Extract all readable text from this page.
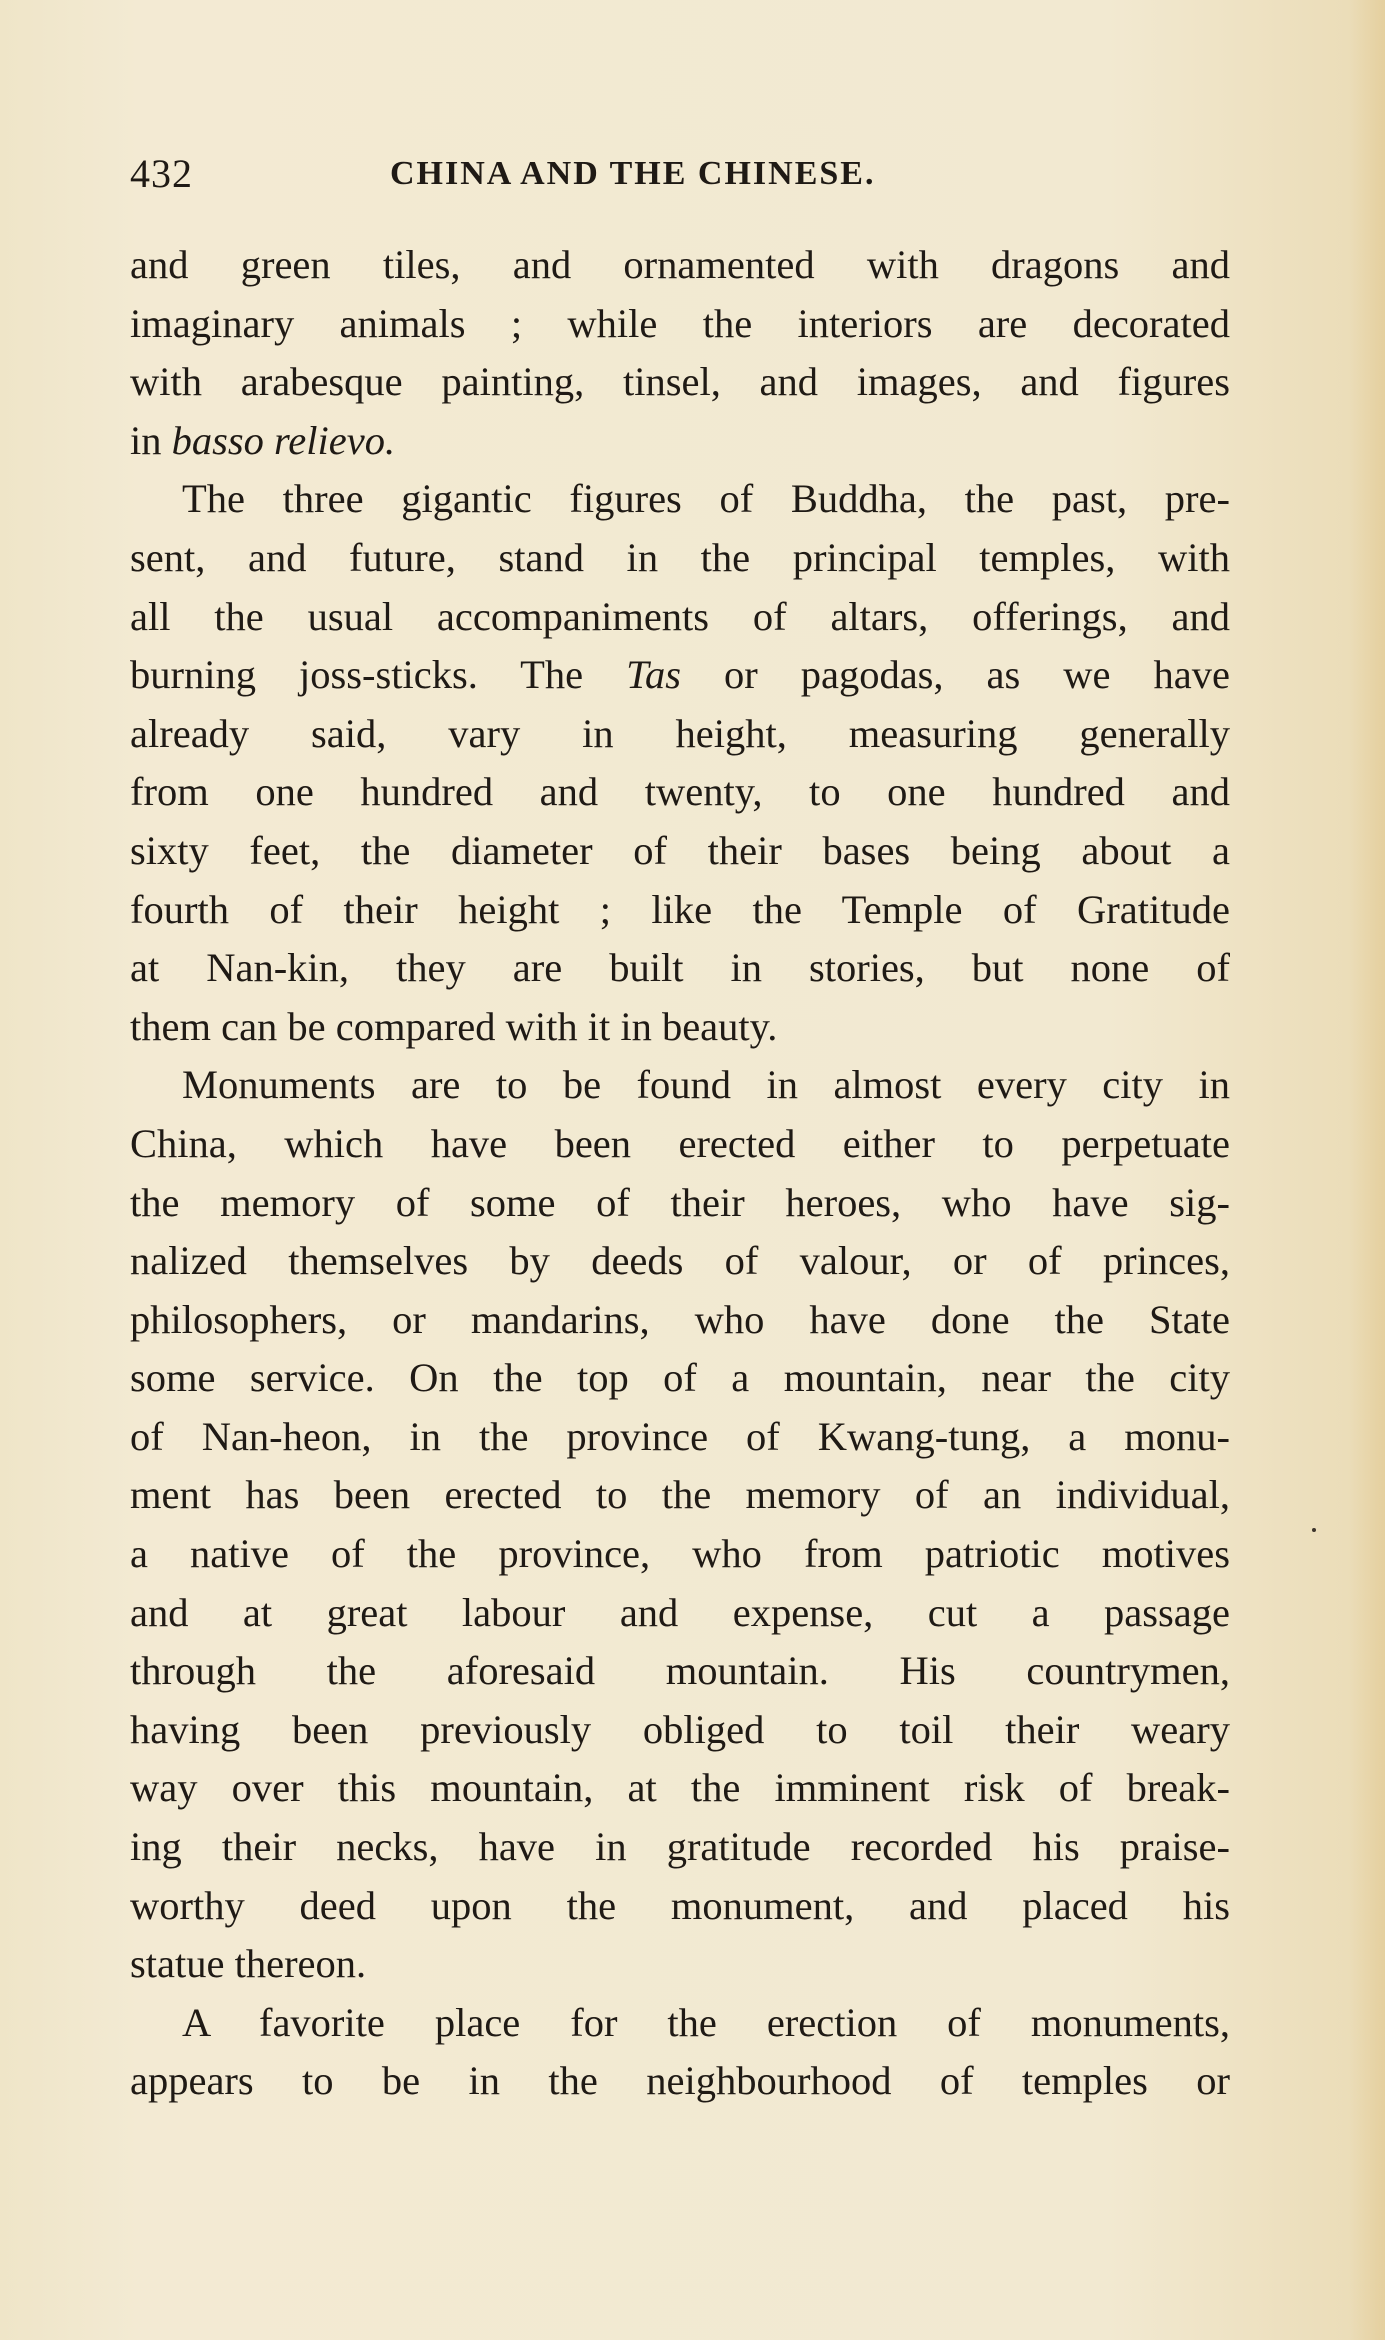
432	CHINA AND THE CHINESE.
and green tiles, and ornamented with dragons and
imaginary animals ; while the interiors are decorated
with arabesque painting, tinsel, and images, and figures
in basso relievo.
The three gigantic figures of Buddha, the past, pre-
sent, and future, stand in the principal temples, with
all the usual accompaniments of altars, offerings, and
burning joss-sticks. The Tas or pagodas, as we have
already said, vary in height, measuring generally
from one hundred and twenty, to one hundred and
sixty feet, the diameter of their bases being about a
fourth of their height ; like the Temple of Gratitude
at Nan-kin, they are built in stories, but none of
them can be compared with it in beauty.
Monuments are to be found in almost every city in
China, which have been erected either to perpetuate
the memory of some of their heroes, who have sig-
nalized themselves by deeds of valour, or of princes,
philosophers, or mandarins, who have done the State
some service. On the top of a mountain, near the city
of Nan-heon, in the province of Kwang-tung, a monu-
ment has been erected to the memory of an individual,
a native of the province, who from patriotic motives
and at great labour and expense, cut a passage
through the aforesaid mountain. His countrymen,
having been previously obliged to toil their weary
way over this mountain, at the imminent risk of break-
ing their necks, have in gratitude recorded his praise-
worthy deed upon the monument, and placed his
statue thereon.
A favorite place for the erection of monuments,
appears to be in the neighbourhood of temples or
